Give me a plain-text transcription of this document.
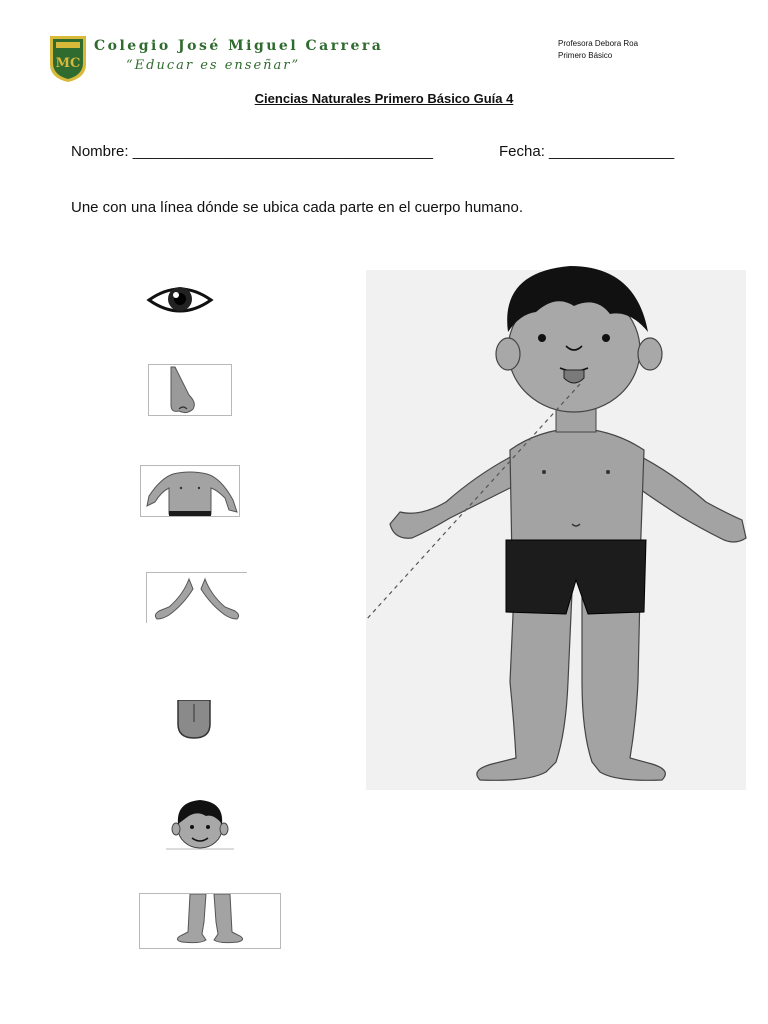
MC
Colegio José Miguel Carrera
“Educar es enseñar”
Profesora Debora Roa
Primero Básico
Ciencias Naturales Primero Básico Guía 4
Nombre: ____________________________________	Fecha: _______________
Une con una línea dónde se ubica cada parte en el cuerpo humano.
